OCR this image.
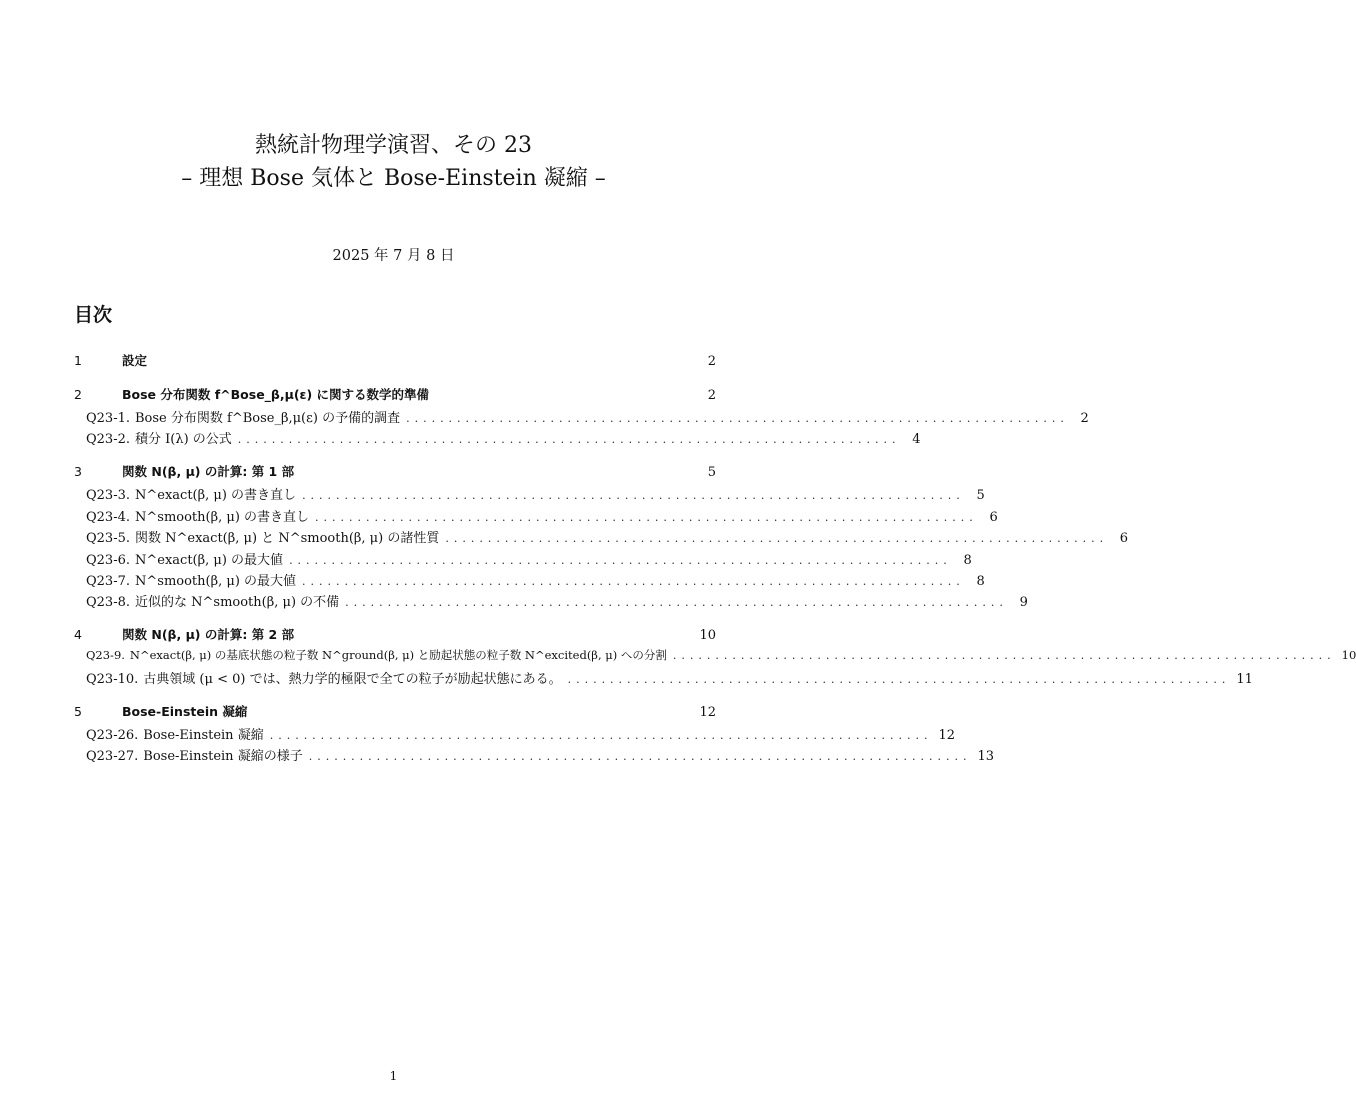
熱統計物理学演習、その 23
– 理想 Bose 気体と Bose-Einstein 凝縮 –
2025 年 7 月 8 日
目次
1	設定	2
2	Bose 分布関数 f^Bose_β,μ(ε) に関する数学的準備	2
Q23-1. Bose 分布関数 f^Bose_β,μ(ε) の予備的調査 .............................................................................. 2
Q23-2. 積分 I(λ) の公式 .............................................................................. 4
3	関数 N(β, μ) の計算: 第 1 部	5
Q23-3. N^exact(β, μ) の書き直し .............................................................................. 5
Q23-4. N^smooth(β, μ) の書き直し .............................................................................. 6
Q23-5. 関数 N^exact(β, μ) と N^smooth(β, μ) の諸性質 .............................................................................. 6
Q23-6. N^exact(β, μ) の最大値 .............................................................................. 8
Q23-7. N^smooth(β, μ) の最大値 .............................................................................. 8
Q23-8. 近似的な N^smooth(β, μ) の不備 .............................................................................. 9
4	関数 N(β, μ) の計算: 第 2 部	10
Q23-9. N^exact(β, μ) の基底状態の粒子数 N^ground(β, μ) と励起状態の粒子数 N^excited(β, μ) への分割 .............................................................................. 10
Q23-10. 古典領域 (μ < 0) では、熱力学的極限で全ての粒子が励起状態にある。 .............................................................................. 11
5	Bose-Einstein 凝縮	12
Q23-26. Bose-Einstein 凝縮 .............................................................................. 12
Q23-27. Bose-Einstein 凝縮の様子 .............................................................................. 13
1
